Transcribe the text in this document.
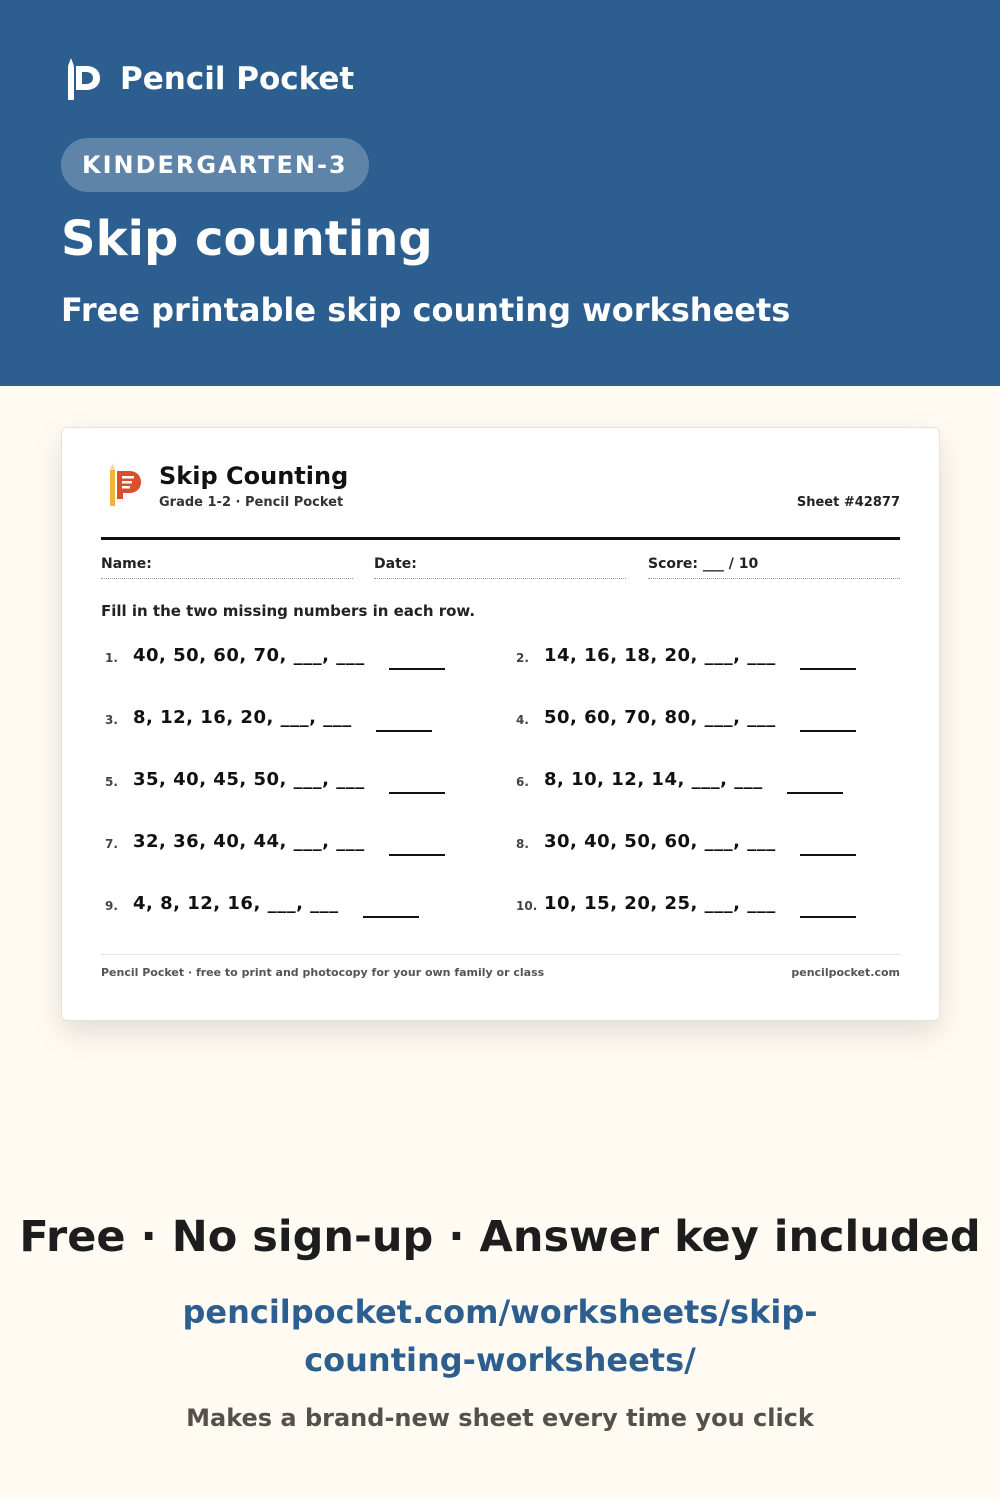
Pencil Pocket
KINDERGARTEN-3
Skip counting
Free printable skip counting worksheets
Skip Counting
Grade 1-2 · Pencil Pocket	Sheet #42877
Name:	Date:	Score: ___ / 10
Fill in the two missing numbers in each row.
1. 40, 50, 60, 70, ___, ___	2. 14, 16, 18, 20, ___, ___
3. 8, 12, 16, 20, ___, ___	4. 50, 60, 70, 80, ___, ___
5. 35, 40, 45, 50, ___, ___	6. 8, 10, 12, 14, ___, ___
7. 32, 36, 40, 44, ___, ___	8. 30, 40, 50, 60, ___, ___
9. 4, 8, 12, 16, ___, ___	10. 10, 15, 20, 25, ___, ___
Pencil Pocket · free to print and photocopy for your own family or class	pencilpocket.com
Free · No sign-up · Answer key included
pencilpocket.com/worksheets/skip-counting-worksheets/
Makes a brand-new sheet every time you click
